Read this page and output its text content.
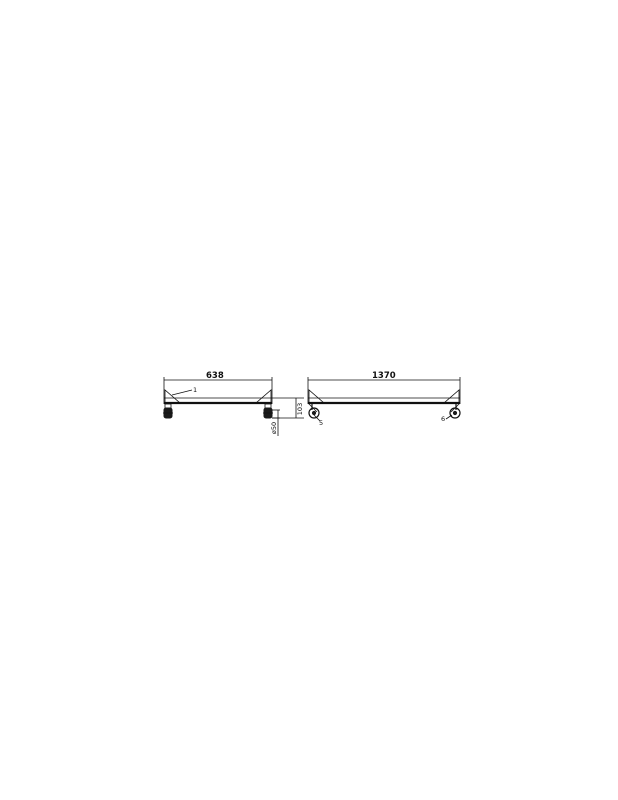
638
1
103
ø50
1370
5	6
